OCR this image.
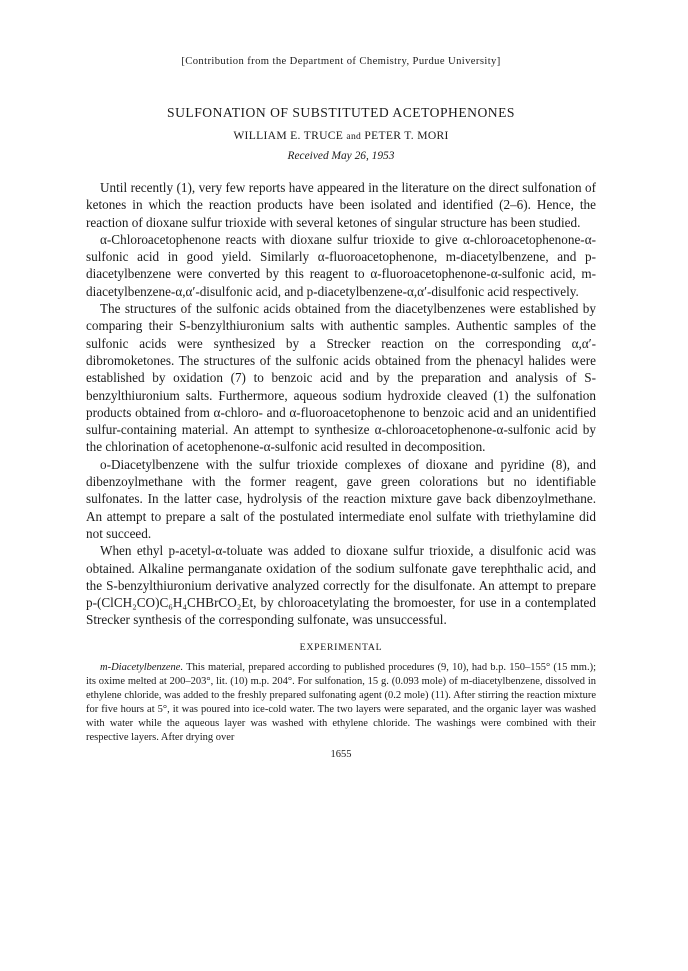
[Contribution from the Department of Chemistry, Purdue University]
SULFONATION OF SUBSTITUTED ACETOPHENONES
WILLIAM E. TRUCE and PETER T. MORI
Received May 26, 1953

Until recently (1), very few reports have appeared in the literature on the direct sulfonation of ketones in which the reaction products have been isolated and identified (2–6). Hence, the reaction of dioxane sulfur trioxide with several ketones of singular structure has been studied.

α-Chloroacetophenone reacts with dioxane sulfur trioxide to give α-chloroacetophenone-α-sulfonic acid in good yield. Similarly α-fluoroacetophenone, m-diacetylbenzene, and p-diacetylbenzene were converted by this reagent to α-fluoroacetophenone-α-sulfonic acid, m-diacetylbenzene-α,α′-disulfonic acid, and p-diacetylbenzene-α,α′-disulfonic acid respectively.

The structures of the sulfonic acids obtained from the diacetylbenzenes were established by comparing their S-benzylthiuronium salts with authentic samples. Authentic samples of the sulfonic acids were synthesized by a Strecker reaction on the corresponding α,α′-dibromoketones. The structures of the sulfonic acids obtained from the phenacyl halides were established by oxidation (7) to benzoic acid and by the preparation and analysis of S-benzylthiuronium salts. Furthermore, aqueous sodium hydroxide cleaved (1) the sulfonation products obtained from α-chloro- and α-fluoroacetophenone to benzoic acid and an unidentified sulfur-containing material. An attempt to synthesize α-chloroacetophenone-α-sulfonic acid by the chlorination of acetophenone-α-sulfonic acid resulted in decomposition.

o-Diacetylbenzene with the sulfur trioxide complexes of dioxane and pyridine (8), and dibenzoylmethane with the former reagent, gave green colorations but no identifiable sulfonates. In the latter case, hydrolysis of the reaction mixture gave back dibenzoylmethane. An attempt to prepare a salt of the postulated intermediate enol sulfate with triethylamine did not succeed.

When ethyl p-acetyl-α-toluate was added to dioxane sulfur trioxide, a disulfonic acid was obtained. Alkaline permanganate oxidation of the sodium sulfonate gave terephthalic acid, and the S-benzylthiuronium derivative analyzed correctly for the disulfonate. An attempt to prepare p-(ClCH₂CO)C₆H₄CHBrCO₂Et, by chloroacetylating the bromoester, for use in a contemplated Strecker synthesis of the corresponding sulfonate, was unsuccessful.

EXPERIMENTAL

m-Diacetylbenzene. This material, prepared according to published procedures (9, 10), had b.p. 150–155° (15 mm.); its oxime melted at 200–203°, lit. (10) m.p. 204°. For sulfonation, 15 g. (0.093 mole) of m-diacetylbenzene, dissolved in ethylene chloride, was added to the freshly prepared sulfonating agent (0.2 mole) (11). After stirring the reaction mixture for five hours at 5°, it was poured into ice-cold water. The two layers were separated, and the organic layer was washed with water while the aqueous layer was washed with ethylene chloride. The washings were combined with their respective layers. After drying over

1655
